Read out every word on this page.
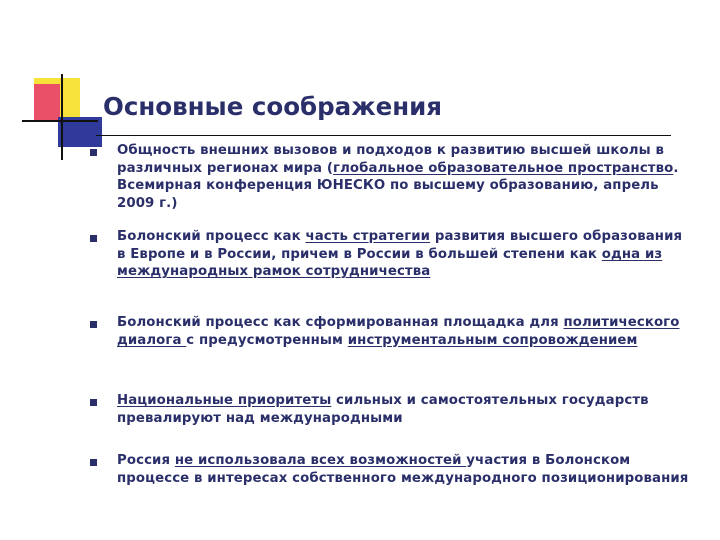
Основные соображения
Общность внешних вызовов и подходов к развитию высшей школы в различных регионах мира (глобальное образовательное пространство. Всемирная конференция ЮНЕСКО по высшему образованию, апрель 2009 г.)
Болонский процесс как часть стратегии развития высшего образования в Европе и в России, причем в России в большей степени как одна из международных рамок сотрудничества
Болонский процесс как сформированная площадка для политического диалога с предусмотренным инструментальным сопровождением
Национальные приоритеты сильных и самостоятельных государств превалируют над международными
Россия не использовала всех возможностей участия в Болонском процессе в интересах собственного международного позиционирования
